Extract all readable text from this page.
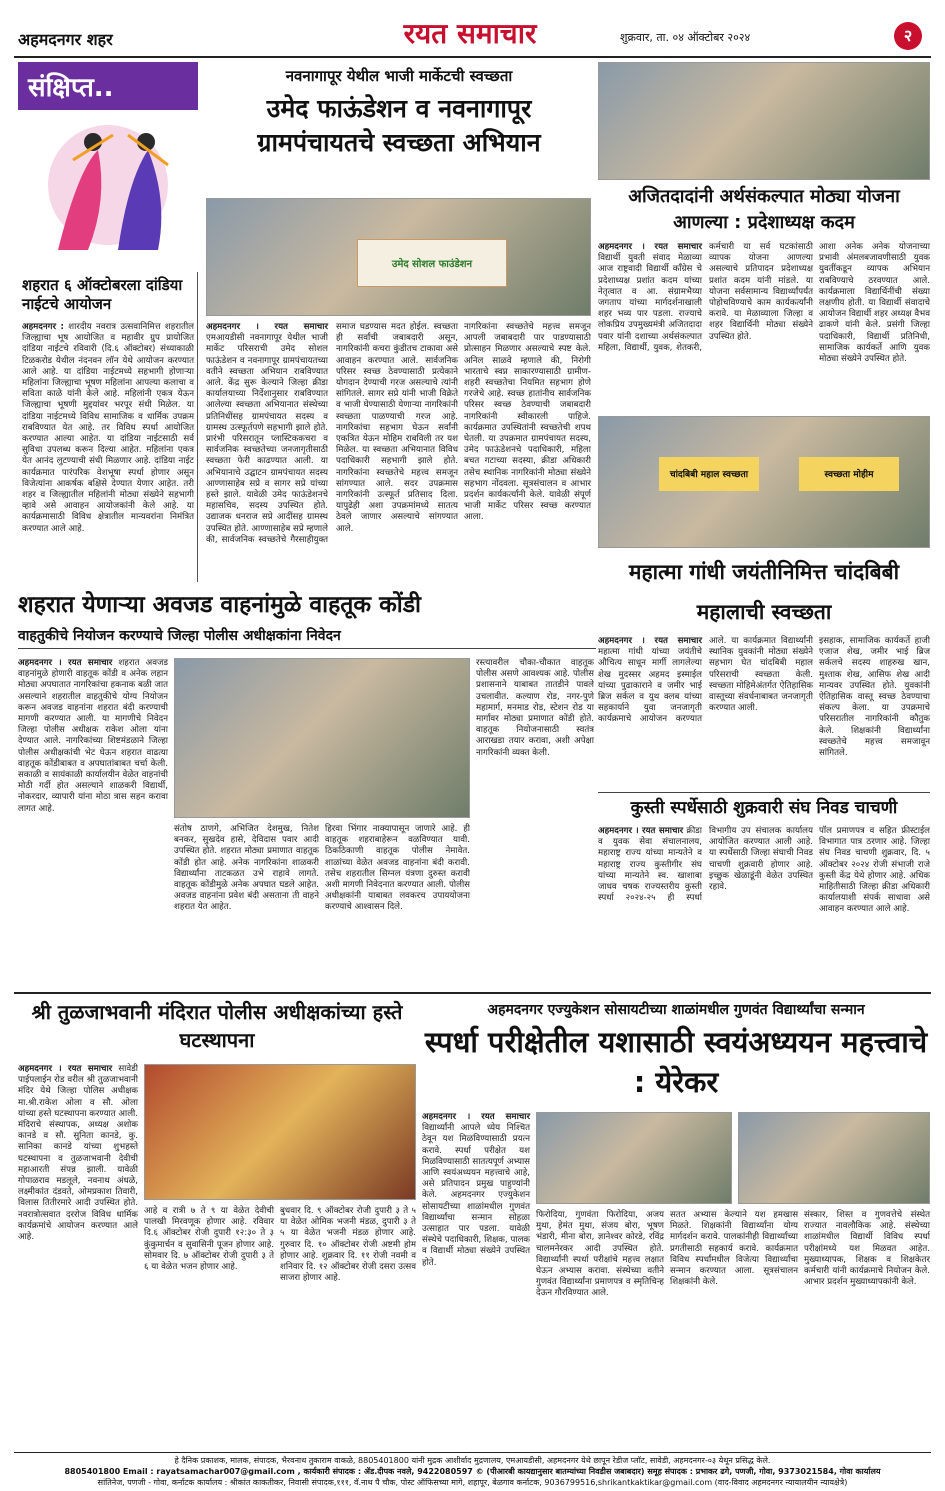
अहमदनगर शहर	रयत समाचार	शुक्रवार, ता. ०४ ऑक्टोबर २०२४	२
संक्षिप्त..
शहरात ६ ऑक्टोबरला दांडिया नाईटचे आयोजन
अहमदनगर : शारदीय नवरात्र उत्सवानिमित्त शहरातील जिल्ह्याचा भूष आयोजित व महावीर ग्रुप प्रायोजित दांडिया नाईटचे रविवारी (दि.६ ऑक्टोबर) संध्याकाळी टिळकरोड येथील नंदनवन लॉन येथे आयोजन करण्यात आले आहे. या दांडिया नाईटमध्ये सहभागी होणाऱ्या महिलांना जिल्ह्याचा भूषण महिलांना आपल्या कलाचा व सविता काळे यांनी केले आहे. महिलांनी एकत्र येऊन जिल्ह्याचा भूषणी मुद्दयांवर भरपूर संधी मिळेल. या दांडिया नाईटमध्ये विविध सामाजिक व धार्मिक उपक्रम राबविण्यात येत आहे. तर विविध स्पर्धा आयोजित करण्यात आल्या आहेत. या दांडिया नाईटसाठी सर्व सुविधा उपलब्ध करून दिल्या आहेत. महिलांना एकत्र येत आनंद लुटण्याची संधी मिळणार आहे. दांडिया नाईट कार्यक्रमात पारंपरिक वेशभूषा स्पर्धा होणार असून विजेत्यांना आकर्षक बक्षिसे देण्यात येणार आहेत. तरी शहर व जिल्ह्यातील महिलांनी मोठ्या संख्येने सहभागी व्हावे असे आवाहन आयोजकांनी केले आहे. या कार्यक्रमासाठी विविध क्षेत्रातील मान्यवरांना निमंत्रित करण्यात आले आहे.
नवनागापूर येथील भाजी मार्केटची स्वच्छता
उमेद फाऊंडेशन व नवनागापूर ग्रामपंचायतचे स्वच्छता अभियान
उमेद सोशल फाउंडेशन
अहमदनगर । रयत समाचार एमआयडीसी नवनागापूर येथील भाजी मार्केट परिसराची उमेद सोशल फाऊंडेशन व नवनागापूर ग्रामपंचायतच्या वतीने स्वच्छता अभियान राबविण्यात आले. केंद्र सुरू केल्याने जिल्हा क्रीडा कार्यालयाच्या निर्देशानुसार राबविण्यात आलेल्या स्वच्छता अभियानात संस्थेच्या प्रतिनिधींसह ग्रामपंचायत सदस्य व ग्रामस्थ उत्स्फूर्तपणे सहभागी झाले होते. प्रारंभी परिसरातून प्लास्टिककचरा व सार्वजनिक स्वच्छतेच्या जनजागृतीसाठी स्वच्छता फेरी काढण्यात आली. या अभियानाचे उद्घाटन ग्रामपंचायत सदस्य आण्णासाहेब सप्रे व सागर सप्रे यांच्या हस्ते झाले. यावेळी उमेद फाऊंडेशनचे महासचिव, सदस्य उपस्थित होते. उद्याजक धनराज सप्रे आदींसह ग्रामस्थ उपस्थित होते. आण्णासाहेब सप्रे म्हणाले की, सार्वजनिक स्वच्छतेचे गैरसाहीयुक्त समाज घडण्यास मदत होईल. स्वच्छता ही सर्वांची जबाबदारी असून, नागरिकांनी कचरा कुंडीतच टाकावा असे आवाहन करण्यात आले. सार्वजनिक परिसर स्वच्छ ठेवण्यासाठी प्रत्येकाने योगदान देण्याची गरज असल्याचे त्यांनी सांगितले. सागर सप्रे यांनी भाजी विक्रेते व भाजी घेण्यासाठी येणाऱ्या नागरिकांनी स्वच्छता पाळण्याची गरज आहे. नागरिकांचा सहभाग घेऊन सर्वांनी एकत्रित येऊन मोहिम राबविली तर यश मिळेल. या स्वच्छता अभियानात विविध पदाधिकारी सहभागी झाले होते. नागरिकांना स्वच्छतेचे महत्त्व समजून सांगण्यात आले. सदर उपक्रमास नागरिकांनी उत्स्फूर्त प्रतिसाद दिला. यापुढेही अशा उपक्रमांमध्ये सातत्य ठेवले जाणार असल्याचे सांगण्यात आले.
नागरिकांना स्वच्छतेचे महत्त्व समजून आपली जबाबदारी पार पाडण्यासाठी प्रोत्साहन मिळणार असल्याचे स्पष्ट केले. अनिल साळवे म्हणाले की, निरोगी भारताचे स्वप्न साकारण्यासाठी ग्रामीण-शहरी स्वच्छतेचा नियमित सहभाग होणे गरजेचे आहे. स्वच्छ हातांनीच सार्वजनिक परिसर स्वच्छ ठेवण्याची जबाबदारी नागरिकांनी स्वीकारली पाहिजे. कार्यक्रमात उपस्थितांनी स्वच्छतेची शपथ घेतली. या उपक्रमात ग्रामपंचायत सदस्य, उमेद फाऊंडेशनचे पदाधिकारी, महिला बचत गटाच्या सदस्या, क्रीडा अधिकारी तसेच स्थानिक नागरिकांनी मोठ्या संख्येने सहभाग नोंदवला. सूत्रसंचालन व आभार प्रदर्शन कार्यकर्त्यांनी केले. यावेळी संपूर्ण भाजी मार्केट परिसर स्वच्छ करण्यात आला.
अजितदादांनी अर्थसंकल्पात मोठ्या योजना आणल्या : प्रदेशाध्यक्ष कदम
अहमदनगर । रयत समाचार विद्यार्थी युवती संवाद मेळाव्या आज राष्ट्रवादी विद्यार्थी काँग्रेस चे प्रदेशाध्यक्ष प्रशांत कदम यांच्या नेतृत्वात व आ. संग्रामभैय्या जगताप यांच्या मार्गदर्शनाखाली शहर भव्य पार पडला. राज्याचे लोकप्रिय उपमुख्यमंत्री अजितदादा पवार यांनी दशाच्या अर्थसंकल्पात महिला, विद्यार्थी, युवक, शेतकरी, कर्मचारी या सर्व घटकांसाठी व्यापक योजना आणल्या असल्याचे प्रतिपादन प्रदेशाध्यक्ष प्रशांत कदम यांनी मांडले. या योजना सर्वसामान्य विद्यार्थ्यांपर्यंत पोहोचविण्याचे काम कार्यकर्त्यांनी करावे. या मेळाव्याला जिल्हा व शहर विद्यार्थिनी मोठ्या संख्येने उपस्थित होते.
आशा अनेक अनेक योजनाच्या प्रभावी अंमलबजावणीसाठी युवक युवतींकडून व्यापक अभियान राबविण्याचे ठरवण्यात आले. कार्यक्रमाला विद्यार्थिनींची संख्या लक्षणीय होती. या विद्यार्थी संवादाचे आयोजन विद्यार्थी शहर अध्यक्ष वैभव ढाकणे यांनी केले. प्रसंगी जिल्हा पदाधिकारी, विद्यार्थी प्रतिनिधी, सामाजिक कार्यकर्ते आणि युवक मोठ्या संख्येने उपस्थित होते.
चांदबिबी महाल स्वच्छता	स्वच्छता मोहीम
महात्मा गांधी जयंतीनिमित्त चांदबिबी महालाची स्वच्छता
अहमदनगर । रयत समाचार महात्मा गांधी यांच्या जयंतीचे औचित्य साधून मार्गी लागलेल्या शेख मुदस्सर अहमद इस्माईल यांच्या पुढाकाराने व जमीर भाई ब्रिज सर्कल व युथ क्लब यांच्या सहकार्याने युवा जनजागृती कार्यक्रमाचे आयोजन करण्यात आले. या कार्यक्रमात विद्यार्थ्यांनी स्थानिक युवकांनी मोठ्या संख्येने सहभाग घेत चांदबिबी महाल परिसराची स्वच्छता केली. स्वच्छता मोहिमेअंतर्गत ऐतिहासिक वास्तूच्या संवर्धनाबाबत जनजागृती करण्यात आली.
इसहाक, सामाजिक कार्यकर्ते हाजी एजाज शेख, जमीर भाई ब्रिज सर्कलचे सदस्य शाहरुख खान, मुश्ताक शेख, आसिफ शेख आदी मान्यवर उपस्थित होते. युवकांनी ऐतिहासिक वास्तू स्वच्छ ठेवण्याचा संकल्प केला. या उपक्रमाचे परिसरातील नागरिकांनी कौतुक केले. शिक्षकांनी विद्यार्थ्यांना स्वच्छतेचे महत्त्व समजावून सांगितले.
शहरात येणाऱ्या अवजड वाहनांमुळे वाहतूक कोंडी
वाहतुकीचे नियोजन करण्याचे जिल्हा पोलीस अधीक्षकांना निवेदन
अहमदनगर । रयत समाचार शहरात अवजड वाहनांमुळे होणारी वाहतूक कोंडी व अनेक लहान मोठ्या अपघातात नागरिकांचा हकनाक बळी जात असल्याने शहरातील वाहतुकीचे योग्य नियोजन करून अवजड वाहनांना शहरात बंदी करण्याची मागणी करण्यात आली. या मागणीचे निवेदन जिल्हा पोलीस अधीक्षक राकेश ओला यांना देण्यात आले. नागरिकांच्या शिष्टमंडळाने जिल्हा पोलीस अधीक्षकांची भेट घेऊन शहरात वाढत्या वाहतूक कोंडीबाबत व अपघातांबाबत चर्चा केली. सकाळी व सायंकाळी कार्यालयीन वेळेत वाहनांची मोठी गर्दी होत असल्याने शाळकरी विद्यार्थी, नोकरदार, व्यापारी यांना मोठा त्रास सहन करावा लागत आहे.
संतोष ठाणगे, अभिजित देशमुख, नितेश बनकर, सुखदेव हासे, देविदास पवार आदी उपस्थित होते. शहरात मोठ्या प्रमाणात वाहतूक कोंडी होत आहे. अनेक नागरिकांना शाळकरी विद्यार्थ्यांना ताटकळत उभे राहावे लागते. वाहतूक कोंडीमुळे अनेक अपघात घडले आहेत. अवजड वाहनांना प्रवेश बंदी असताना ती वाहने शहरात येत आहेत.
हिरवा भिंगार नाक्यापासून जाणारे आहे. ही वाहतूक शहराबाहेरून वळविण्यात यावी. ठिकठिकाणी वाहतूक पोलीस नेमावेत. शाळांच्या वेळेत अवजड वाहनांना बंदी करावी. तसेच शहरातील सिग्नल यंत्रणा दुरुस्त करावी अशी मागणी निवेदनात करण्यात आली. पोलीस अधीक्षकांनी याबाबत लवकरच उपाययोजना करण्याचे आश्वासन दिले.
रस्त्यावरील चौका-चौकात वाहतूक पोलीस असणे आवश्यक आहे. पोलीस प्रशासनाने याबाबत तातडीने पावले उचलावीत. कल्याण रोड, नगर-पुणे महामार्ग, मनमाड रोड, स्टेशन रोड या मार्गांवर मोठ्या प्रमाणात कोंडी होते. वाहतूक नियोजनासाठी स्वतंत्र आराखडा तयार करावा, अशी अपेक्षा नागरिकांनी व्यक्त केली.
कुस्ती स्पर्धेसाठी शुक्रवारी संघ निवड चाचणी
अहमदनगर । रयत समाचार क्रीडा व युवक सेवा संचालनालय, महाराष्ट्र राज्य यांच्या मान्यतेने व महाराष्ट्र राज्य कुस्तीगीर संघ यांच्या मान्यतेने स्व. खाशाबा जाधव चषक राज्यस्तरीय कुस्ती स्पर्धा २०२४-२५ ही स्पर्धा विभागीय उप संचालक कार्यालय आयोजित करण्यात आली आहे. या स्पर्धेसाठी जिल्हा संघाची निवड चाचणी शुक्रवारी होणार आहे. इच्छुक खेळाडूंनी वेळेत उपस्थित रहावे.
पॉल प्रमाणपत्र व सहित फ्रीस्टाईल विभागात पात्र ठरणार आहे. जिल्हा संघ निवड चाचणी शुक्रवार, दि. ५ ऑक्टोबर २०२४ रोजी संभाजी राजे कुस्ती केंद्र येथे होणार आहे. अधिक माहितीसाठी जिल्हा क्रीडा अधिकारी कार्यालयाशी संपर्क साधावा असे आवाहन करण्यात आले आहे.
श्री तुळजाभवानी मंदिरात पोलीस अधीक्षकांच्या हस्ते घटस्थापना
अहमदनगर । रयत समाचार सावेडी पाईपलाईन रोड वरील श्री तुळजाभवानी मंदिर येथे जिल्हा पोलिस अधीक्षक मा.श्री.राकेश ओला व सौ. ओला यांच्या हस्ते घटस्थापना करण्यात आली. मंदिराचे संस्थापक, अध्यक्ष अशोक कानडे व सौ. सुनिता कानडे, कु. सानिका कानडे यांच्या शुभहस्ते घटस्थापना व तुळजाभवानी देवीची महाआरती संपन्न झाली. यावेळी गोपाळराव मडलूले, नवनाथ अंधळे, लक्ष्मीकांत दंडवते, ओमप्रकाश तिवारी, विलास तितीरमारे आदी उपस्थित होते. नवरात्रोत्सवात दररोज विविध धार्मिक कार्यक्रमांचे आयोजन करण्यात आले आहे.
आहे व रात्री ७ ते ९ या वेळेत देवीची पालखी मिरवणूक होणार आहे. रविवार दि.६ ऑक्टोबर रोजी दुपारी १२:३० ते ३ कुंकुमार्चन व सुवासिनी पूजन होणार आहे. सोमवार दि. ७ ऑक्टोबर रोजी दुपारी ३ ते ६ या वेळेत भजन होणार आहे.
बुधवार दि. ९ ऑक्टोबर रोजी दुपारी ३ ते ५ या वेळेत ओमिक भजनी मंडळ, दुपारी ३ ते ५ या वेळेत भजनी मंडळ होणार आहे. गुरुवार दि. १० ऑक्टोबर रोजी अष्टमी होम होणार आहे. शुक्रवार दि. ११ रोजी नवमी व शनिवार दि. १२ ऑक्टोबर रोजी दसरा उत्सव साजरा होणार आहे.
अहमदनगर एज्युकेशन सोसायटीच्या शाळांमधील गुणवंत विद्यार्थ्यांचा सन्मान
स्पर्धा परीक्षेतील यशासाठी स्वयंअध्ययन महत्त्वाचे : येरेकर
अहमदनगर । रयत समाचार विद्यार्थ्यांनी आपले ध्येय निश्चित ठेवून यश मिळविण्यासाठी प्रयत्न करावे. स्पर्धा परीक्षेत यश मिळविण्यासाठी सातत्यपूर्ण अभ्यास आणि स्वयंअध्ययन महत्त्वाचे आहे, असे प्रतिपादन प्रमुख पाहुण्यांनी केले. अहमदनगर एज्युकेशन सोसायटीच्या शाळांमधील गुणवंत विद्यार्थ्यांचा सन्मान सोहळा उत्साहात पार पडला. यावेळी संस्थेचे पदाधिकारी, शिक्षक, पालक व विद्यार्थी मोठ्या संख्येने उपस्थित होते.
फिरोदिया, गुणवंता फिरोदिया, अजय मुथा, हेमंत मुथा, संजय बोरा, भूषण भंडारी, मीना बोरा, ज्ञानेश्वर कोरडे, रविंद्र चालमनेरकर आदी उपस्थित होते. विद्यार्थ्यांनी स्पर्धा परीक्षांचे महत्त्व लक्षात घेऊन अभ्यास करावा. संस्थेच्या वतीने गुणवंत विद्यार्थ्यांना प्रमाणपत्र व स्मृतिचिन्ह देऊन गौरविण्यात आले.
सतत अभ्यास केल्याने यश हमखास मिळते. शिक्षकांनी विद्यार्थ्यांना योग्य मार्गदर्शन करावे. पालकांनीही विद्यार्थ्यांच्या प्रगतीसाठी सहकार्य करावे. कार्यक्रमात विविध स्पर्धांमधील विजेत्या विद्यार्थ्यांचा सन्मान करण्यात आला. सूत्रसंचालन शिक्षकांनी केले.
संस्कार, शिस्त व गुणवत्तेचे संस्थेत राज्यात नावलौकिक आहे. संस्थेच्या शाळांमधील विद्यार्थी विविध स्पर्धा परीक्षांमध्ये यश मिळवत आहेत. मुख्याध्यापक, शिक्षक व शिक्षकेतर कर्मचारी यांनी कार्यक्रमाचे नियोजन केले. आभार प्रदर्शन मुख्याध्यापकांनी केले.
हे दैनिक प्रकाशक, मालक, संपादक, भैरवनाथ तुकाराम वाकळे, 8805401800 यांनी मुद्रक आशीर्वाद मुद्रणालय, एमआयडीसी, अहमदनगर येथे छापून रेडीज प्लॉट, सावेडी, अहमदनगर-०३ येथून प्रसिद्ध केले.
8805401800 Email : rayatsamachar007@gmail.com , कार्यकारी संपादक : ॲड.दीपक नवले, 9422080597 © (पीआरबी कायद्यानुसार बातम्यांच्या निवडीस जबाबदार) समूह संपादक : प्रभाकर ढगे, पणजी, गोवा, 9373021584, गोवा कार्यालय
सांतिनेज, पणजी - गोवा, कर्नाटक कार्यालय : श्रीकांत काकतीकर, निवासी संपादक,१११, वॅ.नाथ पै चौक, पोस्ट ऑफिसच्या मागे, शहापूर, बेळगाव कर्नाटक, 9036799516,shrikantkaktikar@gmail.com (वाद-विवाद अहमदनगर न्यायालयीन न्यायक्षेत्रे)
